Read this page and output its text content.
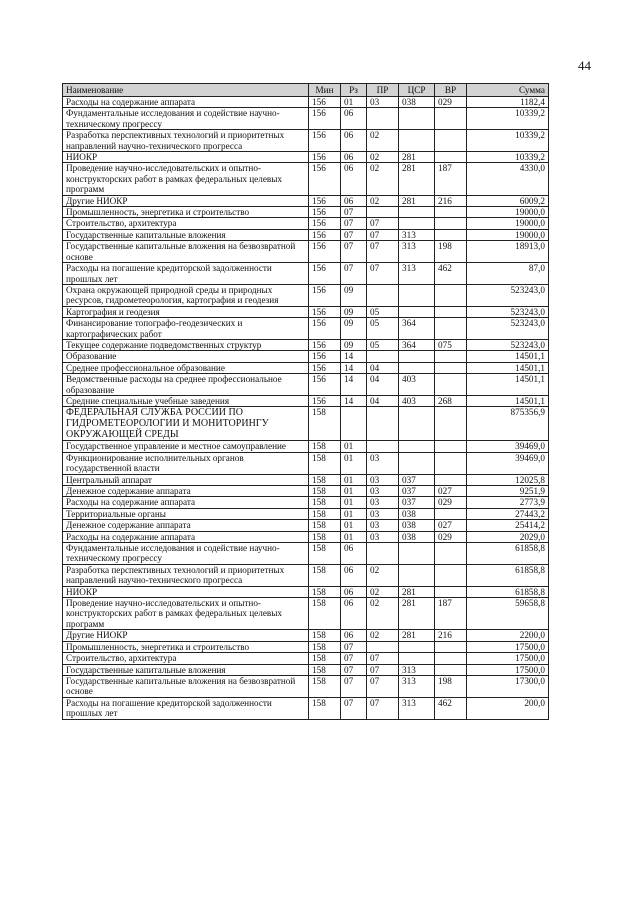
44
Наименование	Мин	Рз	ПР	ЦСР	ВР	Сумма
Расходы на содержание аппарата	156	01	03	038	029	1182,4
Фундаментальные исследования и содействие научно-техническому прогрессу	156	06				10339,2
Разработка перспективных технологий и приоритетных направлений научно-технического прогресса	156	06	02			10339,2
НИОКР	156	06	02	281		10339,2
Проведение научно-исследовательских и опытно-конструкторских работ в рамках федеральных целевых программ	156	06	02	281	187	4330,0
Другие НИОКР	156	06	02	281	216	6009,2
Промышленность, энергетика и строительство	156	07				19000,0
Строительство, архитектура	156	07	07			19000,0
Государственные капитальные вложения	156	07	07	313		19000,0
Государственные капитальные вложения на безвозвратной основе	156	07	07	313	198	18913,0
Расходы на погашение кредиторской задолженности прошлых лет	156	07	07	313	462	87,0
Охрана окружающей природной среды и природных ресурсов, гидрометеорология, картография и геодезия	156	09				523243,0
Картография и геодезия	156	09	05			523243,0
Финансирование топографо-геодезических и картографических работ	156	09	05	364		523243,0
Текущее содержание подведомственных структур	156	09	05	364	075	523243,0
Образование	156	14				14501,1
Среднее профессиональное образование	156	14	04			14501,1
Ведомственные расходы на среднее профессиональное образование	156	14	04	403		14501,1
Средние специальные учебные заведения	156	14	04	403	268	14501,1
ФЕДЕРАЛЬНАЯ СЛУЖБА РОССИИ ПО ГИДРОМЕТЕОРОЛОГИИ И МОНИТОРИНГУ ОКРУЖАЮЩЕЙ СРЕДЫ	158					875356,9
Государственное управление и местное самоуправление	158	01				39469,0
Функционирование исполнительных органов государственной власти	158	01	03			39469,0
Центральный аппарат	158	01	03	037		12025,8
Денежное содержание аппарата	158	01	03	037	027	9251,9
Расходы на содержание аппарата	158	01	03	037	029	2773,9
Территориальные органы	158	01	03	038		27443,2
Денежное содержание аппарата	158	01	03	038	027	25414,2
Расходы на содержание аппарата	158	01	03	038	029	2029,0
Фундаментальные исследования и содействие научно-техническому прогрессу	158	06				61858,8
Разработка перспективных технологий и приоритетных направлений научно-технического прогресса	158	06	02			61858,8
НИОКР	158	06	02	281		61858,8
Проведение научно-исследовательских и опытно-конструкторских работ в рамках федеральных целевых программ	158	06	02	281	187	59658,8
Другие НИОКР	158	06	02	281	216	2200,0
Промышленность, энергетика и строительство	158	07				17500,0
Строительство, архитектура	158	07	07			17500,0
Государственные капитальные вложения	158	07	07	313		17500,0
Государственные капитальные вложения на безвозвратной основе	158	07	07	313	198	17300,0
Расходы на погашение кредиторской задолженности прошлых лет	158	07	07	313	462	200,0
